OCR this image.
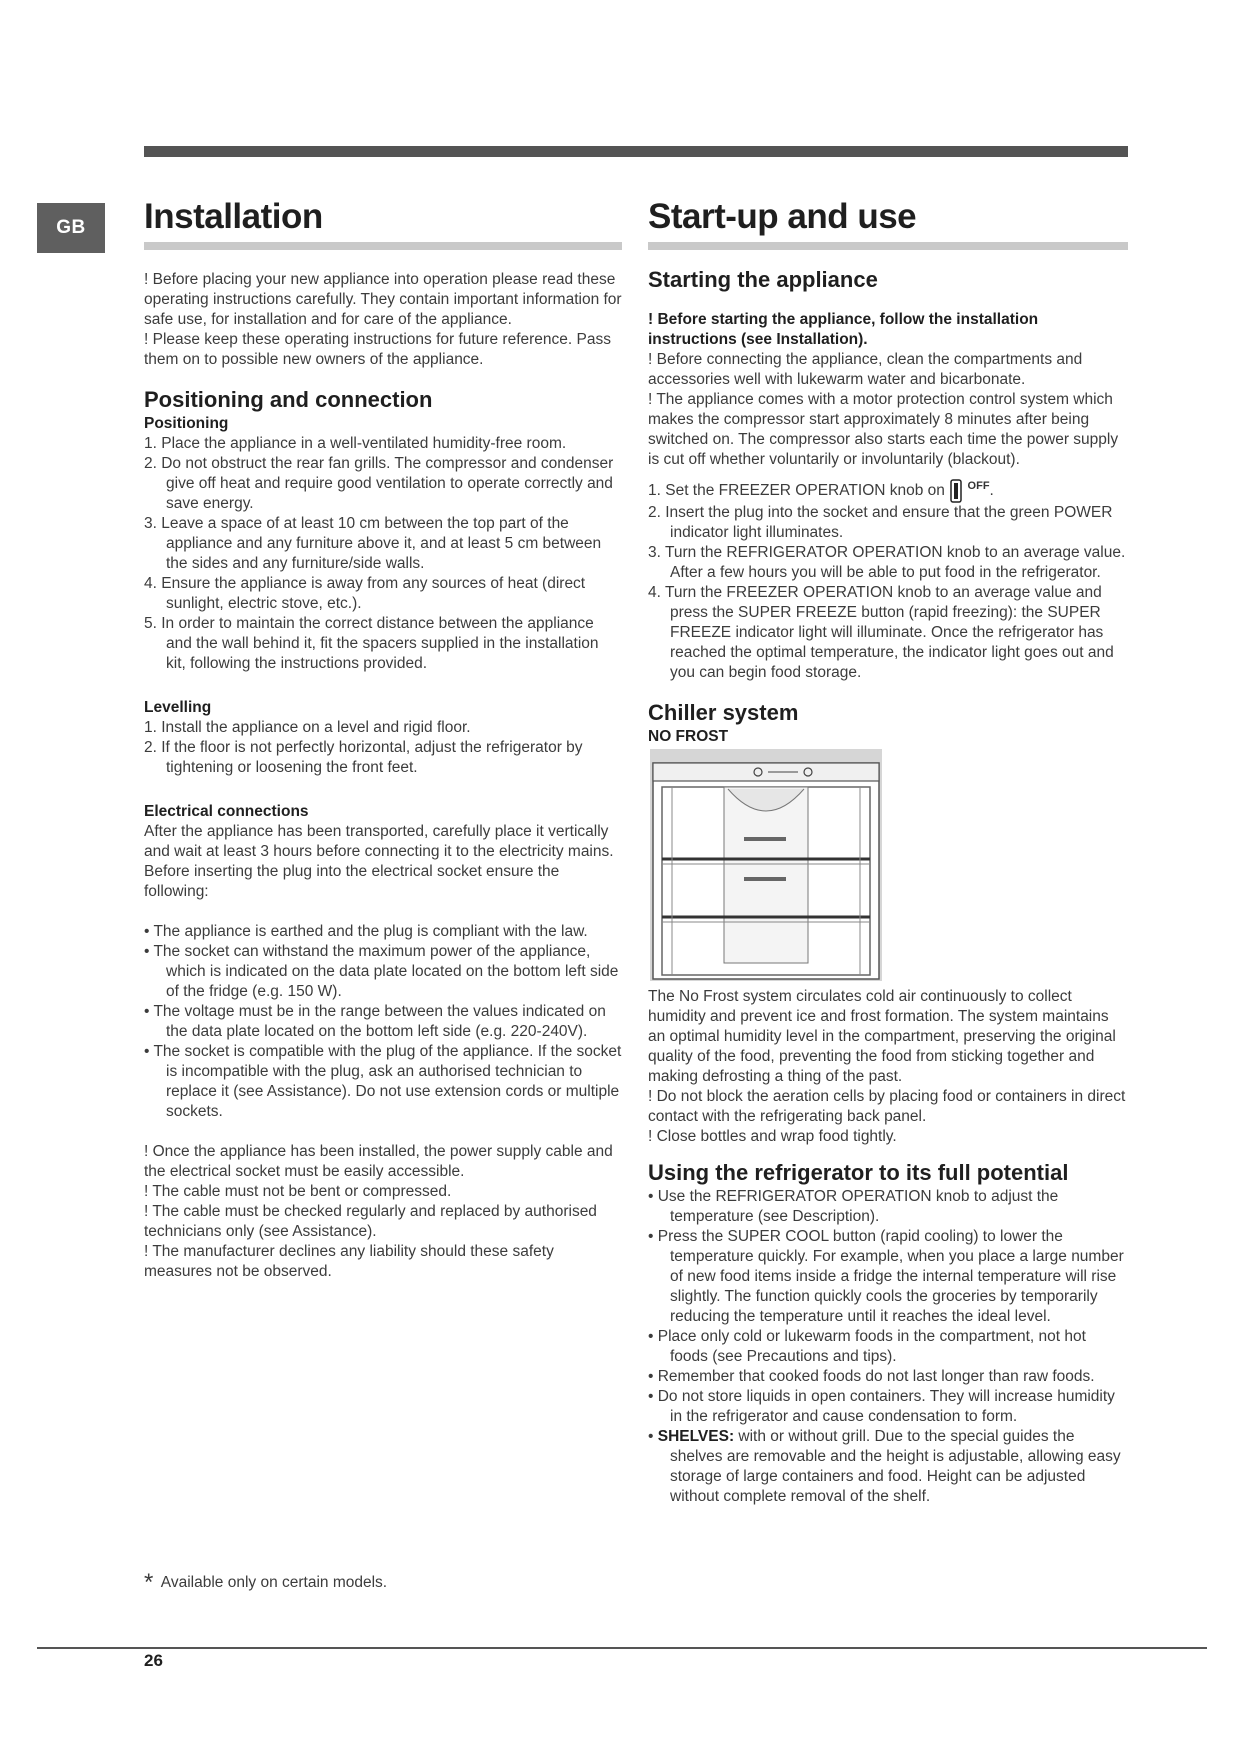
GB	Installation

! Before placing your new appliance into operation please read these operating instructions carefully. They contain important information for safe use, for installation and for care of the appliance.

! Please keep these operating instructions for future reference. Pass them on to possible new owners of the appliance.

Positioning and connection
Positioning
1. Place the appliance in a well-ventilated humidity-free room.
2. Do not obstruct the rear fan grills. The compressor and condenser give off heat and require good ventilation to operate correctly and save energy.
3. Leave a space of at least 10 cm between the top part of the appliance and any furniture above it, and at least 5 cm between the sides and any furniture/side walls.
4. Ensure the appliance is away from any sources of heat (direct sunlight, electric stove, etc.).
5. In order to maintain the correct distance between the appliance and the wall behind it, fit the spacers supplied in the installation kit, following the instructions provided.
Levelling
1. Install the appliance on a level and rigid floor.
2. If the floor is not perfectly horizontal, adjust the refrigerator by tightening or loosening the front feet.
Electrical connections

After the appliance has been transported, carefully place it vertically and wait at least 3 hours before connecting it to the electricity mains. Before inserting the plug into the electrical socket ensure the following:

• The appliance is earthed and the plug is compliant with the law.
• The socket can withstand the maximum power of the appliance, which is indicated on the data plate located on the bottom left side of the fridge (e.g. 150 W).
• The voltage must be in the range between the values indicated on the data plate located on the bottom left side (e.g. 220-240V).
• The socket is compatible with the plug of the appliance. If the socket is incompatible with the plug, ask an authorised technician to replace it (see Assistance). Do not use extension cords or multiple sockets.

! Once the appliance has been installed, the power supply cable and the electrical socket must be easily accessible.

! The cable must not be bent or compressed.

! The cable must be checked regularly and replaced by authorised technicians only (see Assistance).

! The manufacturer declines any liability should these safety measures not be observed.

Start-up and use
Starting the appliance

! Before starting the appliance, follow the installation instructions (see Installation).

! Before connecting the appliance, clean the compartments and accessories well with lukewarm water and bicarbonate.

! The appliance comes with a motor protection control system which makes the compressor start approximately 8 minutes after being switched on. The compressor also starts each time the power supply is cut off whether voluntarily or involuntarily (blackout).

1. Set the FREEZER OPERATION knob on $^{OFF}$.

2. Insert the plug into the socket and ensure that the green POWER indicator light illuminates.
3. Turn the REFRIGERATOR OPERATION knob to an average value. After a few hours you will be able to put food in the refrigerator.
4. Turn the FREEZER OPERATION knob to an average value and press the SUPER FREEZE button (rapid freezing): the SUPER FREEZE indicator light will illuminate. Once the refrigerator has reached the optimal temperature, the indicator light goes out and you can begin food storage.
Chiller system
NO FROST

The No Frost system circulates cold air continuously to collect humidity and prevent ice and frost formation. The system maintains an optimal humidity level in the compartment, preserving the original quality of the food, preventing the food from sticking together and making defrosting a thing of the past.

! Do not block the aeration cells by placing food or containers in direct contact with the refrigerating back panel.

! Close bottles and wrap food tightly.

Using the refrigerator to its full potential
• Use the REFRIGERATOR OPERATION knob to adjust the temperature (see Description).
• Press the SUPER COOL button (rapid cooling) to lower the temperature quickly. For example, when you place a large number of new food items inside a fridge the internal temperature will rise slightly. The function quickly cools the groceries by temporarily reducing the temperature until it reaches the ideal level.
• Place only cold or lukewarm foods in the compartment, not hot foods (see Precautions and tips).
• Remember that cooked foods do not last longer than raw foods.
• Do not store liquids in open containers. They will increase humidity in the refrigerator and cause condensation to form.
• SHELVES: with or without grill. Due to the special guides the shelves are removable and the height is adjustable, allowing easy storage of large containers and food. Height can be adjusted without complete removal of the shelf.
* Available only on certain models.
26
